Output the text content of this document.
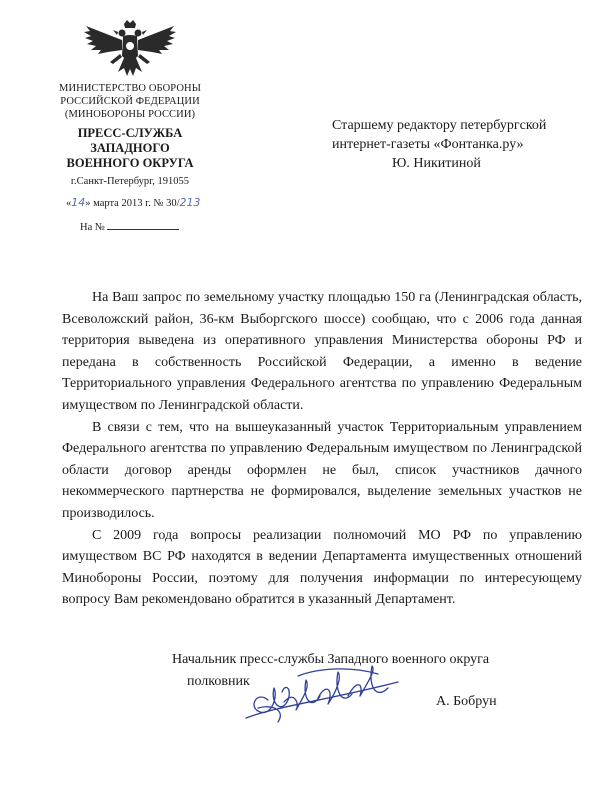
МИНИСТЕРСТВО ОБОРОНЫ
РОССИЙСКОЙ ФЕДЕРАЦИИ
(МИНОБОРОНЫ РОССИИ)
ПРЕСС-СЛУЖБА
ЗАПАДНОГО
ВОЕННОГО ОКРУГА
г.Санкт-Петербург, 191055
«14» марта 2013 г. № 30/213
На №
Старшему редактору петербургской
интернет-газеты «Фонтанка.ру»
Ю. Никитиной

На Ваш запрос по земельному участку площадью 150 га (Ленинградская область, Всеволожский район, 36-км Выборгского шоссе) сообщаю, что с 2006 года данная территория выведена из оперативного управления Министерства обороны РФ и передана в собственность Российской Федерации, а именно в ведение Территориального управления Федерального агентства по управлению Федеральным имуществом по Ленинградской области.

В связи с тем, что на вышеуказанный участок Территориальным управлением Федерального агентства по управлению Федеральным имуществом по Ленинградской области договор аренды оформлен не был, список участников дачного некоммерческого партнерства не формировался, выделение земельных участков не производилось.

С 2009 года вопросы реализации полномочий МО РФ по управлению имуществом ВС РФ находятся в ведении Департамента имущественных отношений Минобороны России, поэтому для получения информации по интересующему вопросу Вам рекомендовано обратится в указанный Департамент.

Начальник пресс-службы Западного военного округа
полковник
А. Бобрун
